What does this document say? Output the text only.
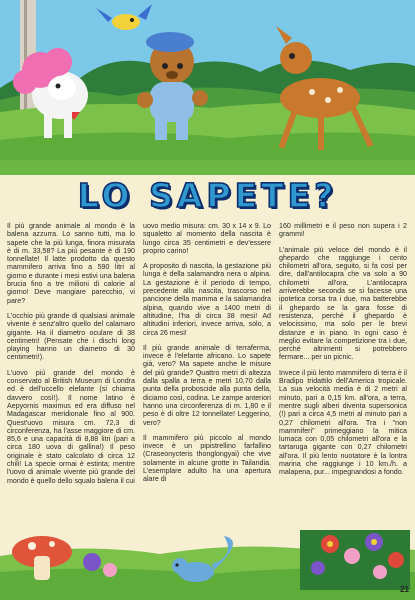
LO SAPETE?

Il più grande animale al mondo è la balena azzurra. Lo sanno tutti, ma lo sapete che la più lunga, finora misurata è di m. 33,58? La più pesante è di 190 tonnellate! Il latte prodotto da questo mammifero arriva fino a 590 litri al giorno e durante i mesi estivi una balena brucia fino a tre milioni di calorie al giorno! Deve mangiare parecchio, vi pare?

L'occhio più grande di qualsiasi animale vivente è senz'altro quello del calamaro gigante. Ha il diametro oculare di 38 centimetri! (Pensate che i dischi long playing hanno un diametro di 30 centimetri!).

L'uovo più grande del mondo è conservato al British Museum di Londra ed è dell'uccello elefante (si chiama davvero così!). Il nome latino è Aepyornis maximus ed era diffuso nel Madagascar meridionale fino al 900. Quest'uovo misura cm. 72,3 di circonferenza, ha l'asse maggiore di cm. 85,6 e una capacità di 8,88 litri (pari a circa 180 uova di gallina!) Il peso originale è stato calcolato di circa 12 chili! La specie ormai è estinta; mentre l'uovo di animale vivente più grande del mondo è quello dello squalo balena il cui

uovo medio misura: cm. 30 x 14 x 9. Lo squaletto al momento della nascita è lungo circa 35 centimetri e dev'essere proprio carino!

A proposito di nascita, la gestazione più lunga è della salamandra nera o alpina. La gestazione è il periodo di tempo, precedente alla nascita, trascorso nel pancione della mamma e la salamandra alpina, quando vive a 1400 metri di altitudine, l'ha di circa 38 mesi! Ad altitudini inferiori, invece arriva, solo, a circa 26 mesi!

Il più grande animale di terraferma, invece è l'elefante africano. Lo sapete già, vero? Ma sapete anche le misure del più grande? Quattro metri di altezza dalla spalla a terra e metri 10,70 dalla punta della proboscide alla punta della, diciamo così, codina. Le zampe anteriori hanno una circonferenza di m. 1,80 e il peso è di oltre 12 tonnellate! Leggerino, vero?

Il mammifero più piccolo al mondo invece è un pipistrellino farfallino (Craseonycteris thonglongyai) che vive solamente in alcune grotte in Tailandia. L'esemplare adulto ha una apertura alare di

160 millimetri e il peso non supera i 2 grammi!

L'animale più veloce del mondo è il ghepardo che raggiunge i cento chilometri all'ora, seguito, si fa così per dire, dall'antilocapra che va solo a 90 chilometri all'ora. L'antilocapra arriverebbe seconda se si facesse una ipotetica corsa tra i due, ma batterebbe il ghepardo se la gara fosse di resistenza, perché il ghepardo è velocissimo, ma solo per le brevi distanze e in piano. In ogni caso è meglio evitare la competizione tra i due, perché altrimenti si potrebbero fermare... per un picnic.

Invece il più lento mammifero di terra è il Bradipo tridattilo dell'America tropicale. La sua velocità media è di 2 metri al minuto, pari a 0,15 km. all'ora, a terra, mentre sugli alberi diventa supersonica (!) pari a circa 4,5 metri al minuto pari a 0,27 chilometri all'ora. Tra i "non mammiferi" primeggiano la mitica lumaca con 0,05 chilometri all'ora e la tartaruga gigante con 0,27 chilometri all'ora. Il più lento nuotatore è la lontra marina che raggiunge i 10 km./h. a malapena, pur... impegnandosi a fondo.

21
